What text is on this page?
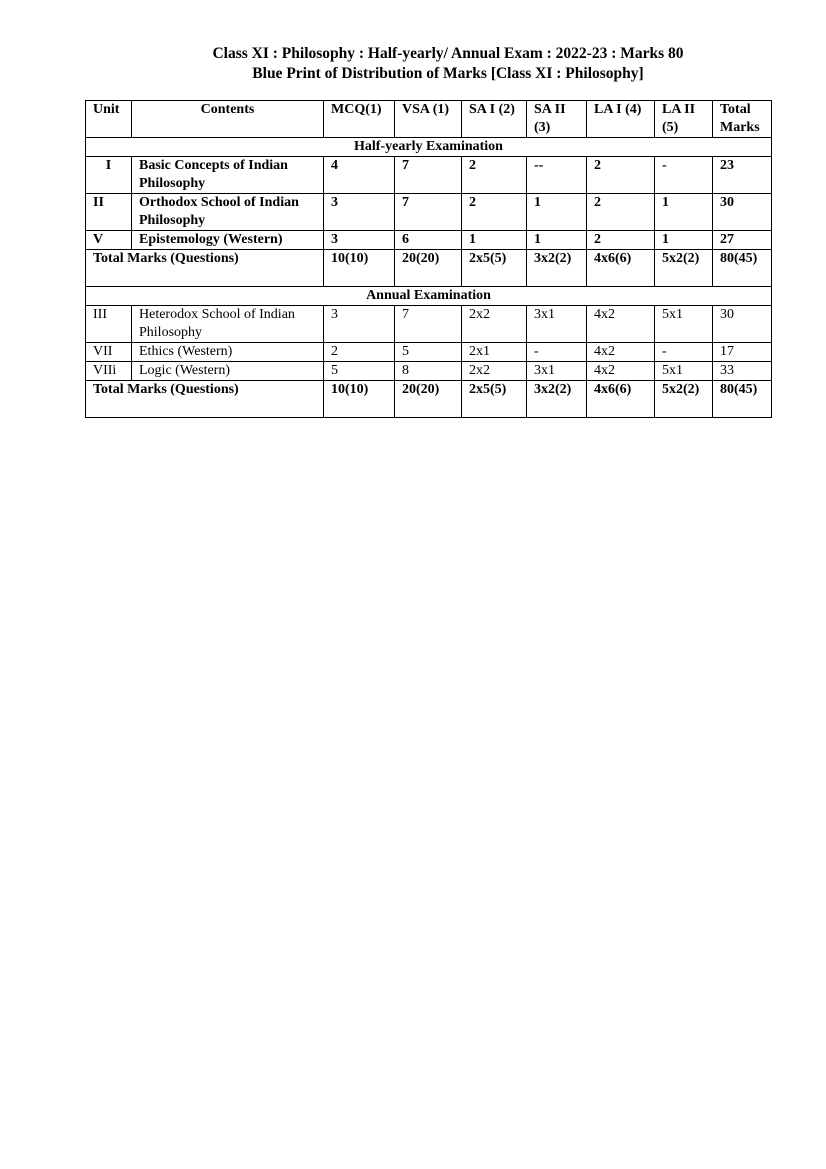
Class XI : Philosophy : Half-yearly/ Annual Exam : 2022-23 : Marks 80
Blue Print of Distribution of Marks [Class XI : Philosophy]
Unit	Contents	MCQ(1)	VSA (1)	SA I (2)	SA II (3)	LA I (4)	LA II (5)	Total Marks
Half-yearly Examination								
I	Basic Concepts of Indian Philosophy	4	7	2	--	2	-	23
II	Orthodox School of Indian Philosophy	3	7	2	1	2	1	30
V	Epistemology (Western)	3	6	1	1	2	1	27
Total Marks (Questions)		10(10)	20(20)	2x5(5)	3x2(2)	4x6(6)	5x2(2)	80(45)
Annual Examination								
III	Heterodox School of Indian Philosophy	3	7	2x2	3x1	4x2	5x1	30
VII	Ethics (Western)	2	5	2x1	-	4x2	-	17
VIIi	Logic (Western)	5	8	2x2	3x1	4x2	5x1	33
Total Marks (Questions)		10(10)	20(20)	2x5(5)	3x2(2)	4x6(6)	5x2(2)	80(45)
